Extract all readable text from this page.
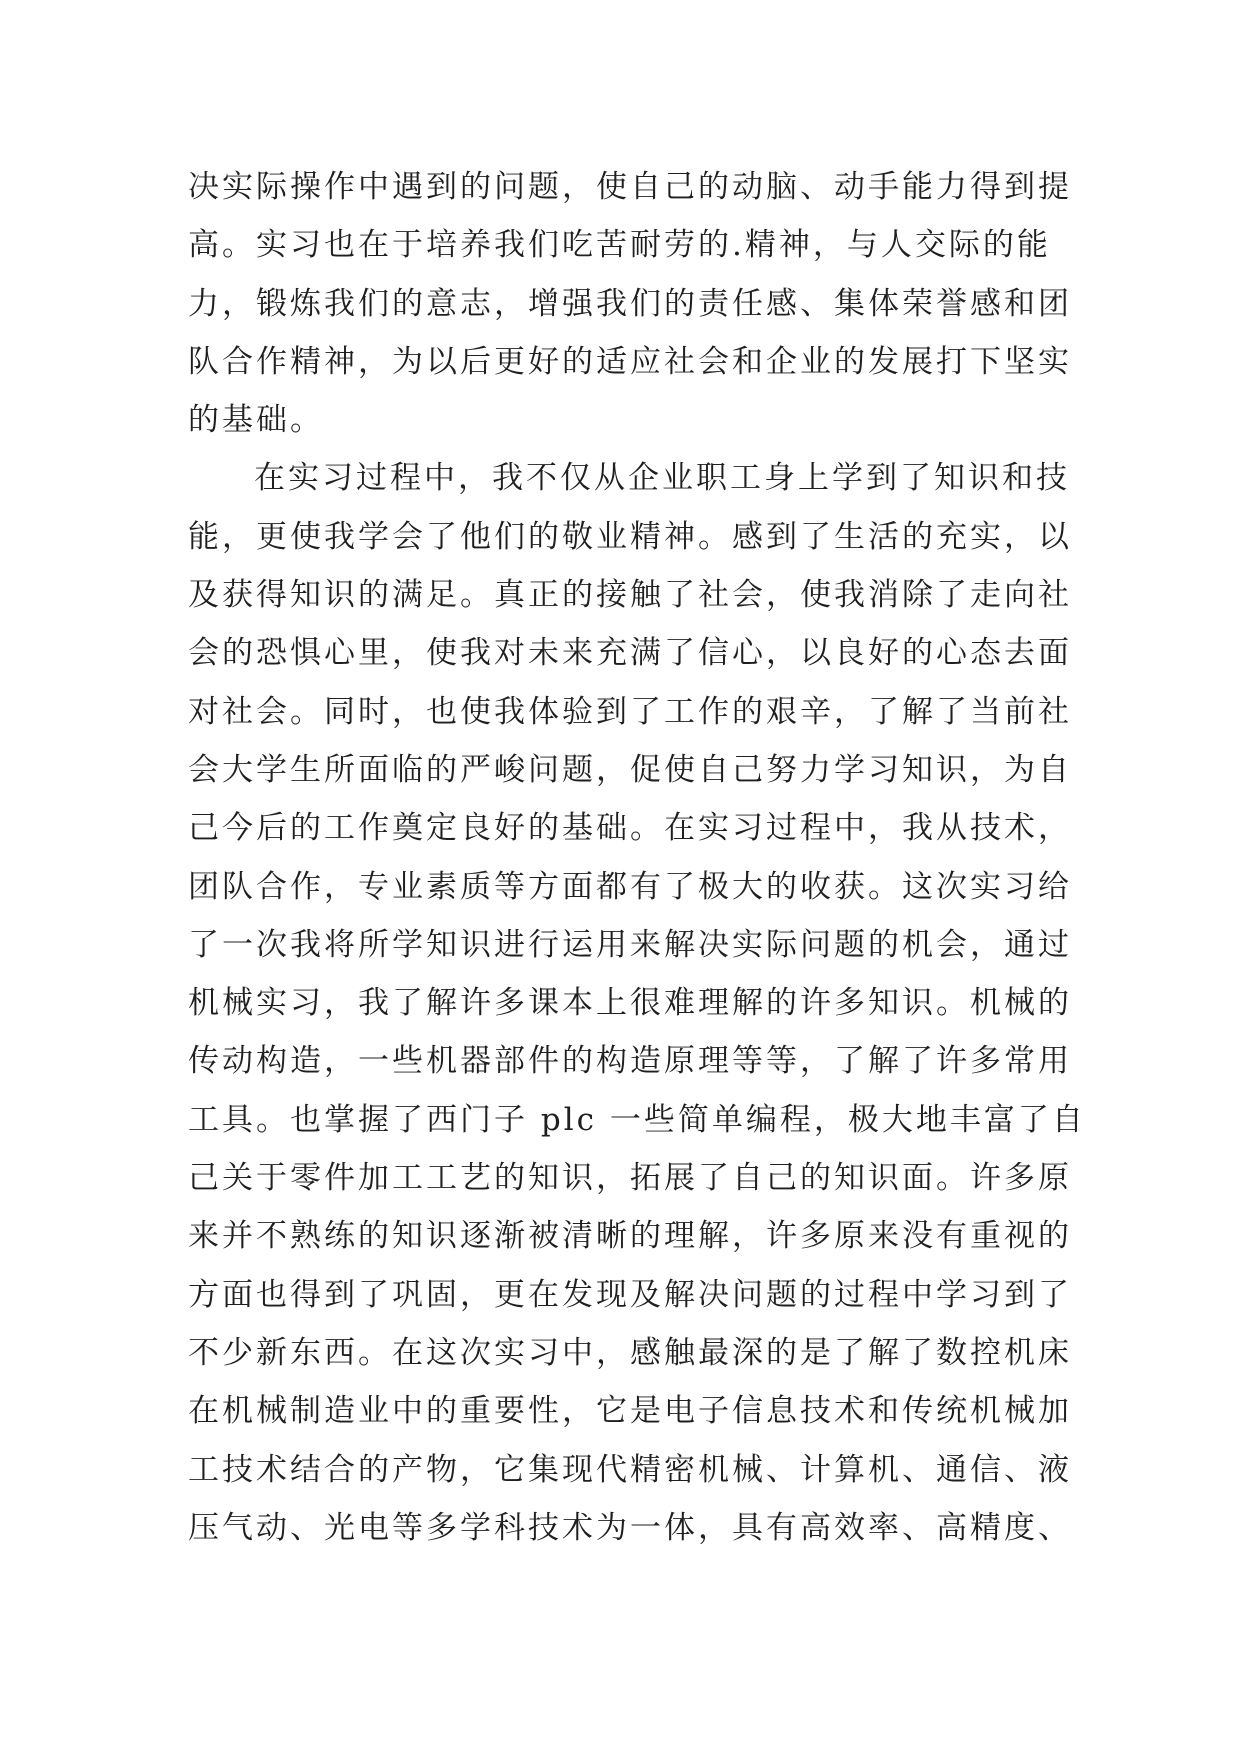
决实际操作中遇到的问题，使自己的动脑、动手能力得到提
高。实习也在于培养我们吃苦耐劳的.精神，与人交际的能
力，锻炼我们的意志，增强我们的责任感、集体荣誉感和团
队合作精神，为以后更好的适应社会和企业的发展打下坚实
的基础。
在实习过程中，我不仅从企业职工身上学到了知识和技
能，更使我学会了他们的敬业精神。感到了生活的充实，以
及获得知识的满足。真正的接触了社会，使我消除了走向社
会的恐惧心里，使我对未来充满了信心，以良好的心态去面
对社会。同时，也使我体验到了工作的艰辛，了解了当前社
会大学生所面临的严峻问题，促使自己努力学习知识，为自
己今后的工作奠定良好的基础。在实习过程中，我从技术，
团队合作，专业素质等方面都有了极大的收获。这次实习给
了一次我将所学知识进行运用来解决实际问题的机会，通过
机械实习，我了解许多课本上很难理解的许多知识。机械的
传动构造，一些机器部件的构造原理等等，了解了许多常用
工具。也掌握了西门子 plc 一些简单编程，极大地丰富了自
己关于零件加工工艺的知识，拓展了自己的知识面。许多原
来并不熟练的知识逐渐被清晰的理解，许多原来没有重视的
方面也得到了巩固，更在发现及解决问题的过程中学习到了
不少新东西。在这次实习中，感触最深的是了解了数控机床
在机械制造业中的重要性，它是电子信息技术和传统机械加
工技术结合的产物，它集现代精密机械、计算机、通信、液
压气动、光电等多学科技术为一体，具有高效率、高精度、
